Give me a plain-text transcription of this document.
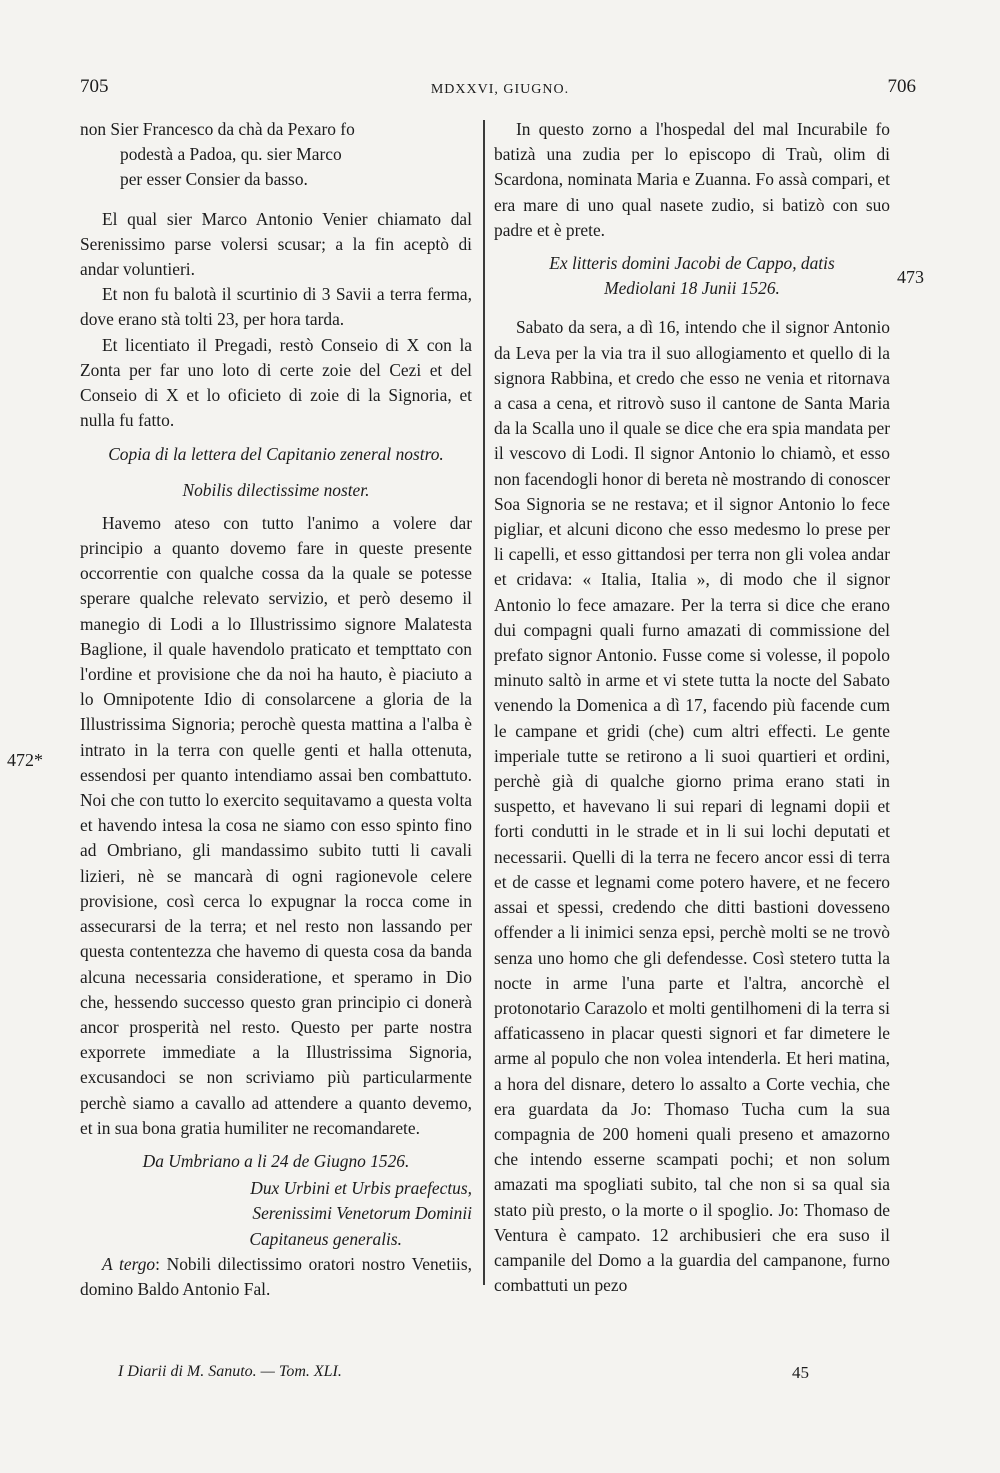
705	MDXXVI, GIUGNO.	706
472*
473

non Sier Francesco da chà da Pexaro fo

podestà a Padoa, qu. sier Marco

per esser Consier da basso.

El qual sier Marco Antonio Venier chiamato dal Serenissimo parse volersi scusar; a la fin aceptò di andar voluntieri.

Et non fu balotà il scurtinio di 3 Savii a terra ferma, dove erano stà tolti 23, per hora tarda.

Et licentiato il Pregadi, restò Conseio di X con la Zonta per far uno loto di certe zoie del Cezi et del Conseio di X et lo oficieto di zoie di la Signoria, et nulla fu fatto.

Copia di la lettera del Capitanio zeneral nostro.

Nobilis dilectissime noster.

Havemo ateso con tutto l'animo a volere dar principio a quanto dovemo fare in queste presente occorrentie con qualche cossa da la quale se potesse sperare qualche relevato servizio, et però desemo il manegio di Lodi a lo Illustrissimo signore Malatesta Baglione, il quale havendolo praticato et tempttato con l'ordine et provisione che da noi ha hauto, è piaciuto a lo Omnipotente Idio di consolarcene a gloria de la Illustrissima Signoria; perochè questa mattina a l'alba è intrato in la terra con quelle genti et halla ottenuta, essendosi per quanto intendiamo assai ben combattuto. Noi che con tutto lo exercito sequitavamo a questa volta et havendo intesa la cosa ne siamo con esso spinto fino ad Ombriano, gli mandassimo subito tutti li cavali lizieri, nè se mancarà di ogni ragionevole celere provisione, così cerca lo expugnar la rocca come in assecurarsi de la terra; et nel resto non lassando per questa contentezza che havemo di questa cosa da banda alcuna necessaria consideratione, et speramo in Dio che, hessendo successo questo gran principio ci donerà ancor prosperità nel resto. Questo per parte nostra exporrete immediate a la Illustrissima Signoria, excusandoci se non scriviamo più particularmente perchè siamo a cavallo ad attendere a quanto devemo, et in sua bona gratia humiliter ne recomandarete.

Da Umbriano a li 24 de Giugno 1526.

Dux Urbini et Urbis praefectus,

Serenissimi Venetorum Dominii

Capitaneus generalis.

A tergo: Nobili dilectissimo oratori nostro Venetiis, domino Baldo Antonio Fal.

In questo zorno a l'hospedal del mal Incurabile fo batizà una zudia per lo episcopo di Traù, olim di Scardona, nominata Maria e Zuanna. Fo assà compari, et era mare di uno qual nasete zudio, si batizò con suo padre et è prete.

Ex litteris domini Jacobi de Cappo, datis

Mediolani 18 Junii 1526.

Sabato da sera, a dì 16, intendo che il signor Antonio da Leva per la via tra il suo allogiamento et quello di la signora Rabbina, et credo che esso ne venia et ritornava a casa a cena, et ritrovò suso il cantone de Santa Maria da la Scalla uno il quale se dice che era spia mandata per il vescovo di Lodi. Il signor Antonio lo chiamò, et esso non facendogli honor di bereta nè mostrando di conoscer Soa Signoria se ne restava; et il signor Antonio lo fece pigliar, et alcuni dicono che esso medesmo lo prese per li capelli, et esso gittandosi per terra non gli volea andar et cridava: « Italia, Italia », di modo che il signor Antonio lo fece amazare. Per la terra si dice che erano dui compagni quali furno amazati di commissione del prefato signor Antonio. Fusse come si volesse, il popolo minuto saltò in arme et vi stete tutta la nocte del Sabato venendo la Domenica a dì 17, facendo più facende cum le campane et gridi (che) cum altri effecti. Le gente imperiale tutte se retirono a li suoi quartieri et ordini, perchè già di qualche giorno prima erano stati in suspetto, et havevano li sui repari di legnami dopii et forti condutti in le strade et in li sui lochi deputati et necessarii. Quelli di la terra ne fecero ancor essi di terra et de casse et legnami come potero havere, et ne fecero assai et spessi, credendo che ditti bastioni dovesseno offender a li inimici senza epsi, perchè molti se ne trovò senza uno homo che gli defendesse. Così stetero tutta la nocte in arme l'una parte et l'altra, ancorchè el protonotario Carazolo et molti gentilhomeni di la terra si affaticasseno in placar questi signori et far dimetere le arme al populo che non volea intenderla. Et heri matina, a hora del disnare, detero lo assalto a Corte vechia, che era guardata da Jo: Thomaso Tucha cum la sua compagnia de 200 homeni quali preseno et amazorno che intendo esserne scampati pochi; et non solum amazati ma spogliati subito, tal che non si sa qual sia stato più presto, o la morte o il spoglio. Jo: Thomaso de Ventura è campato. 12 archibusieri che era suso il campanile del Domo a la guardia del campanone, furno combattuti un pezo

I Diarii di M. Sanuto. — Tom. XLI.	45
